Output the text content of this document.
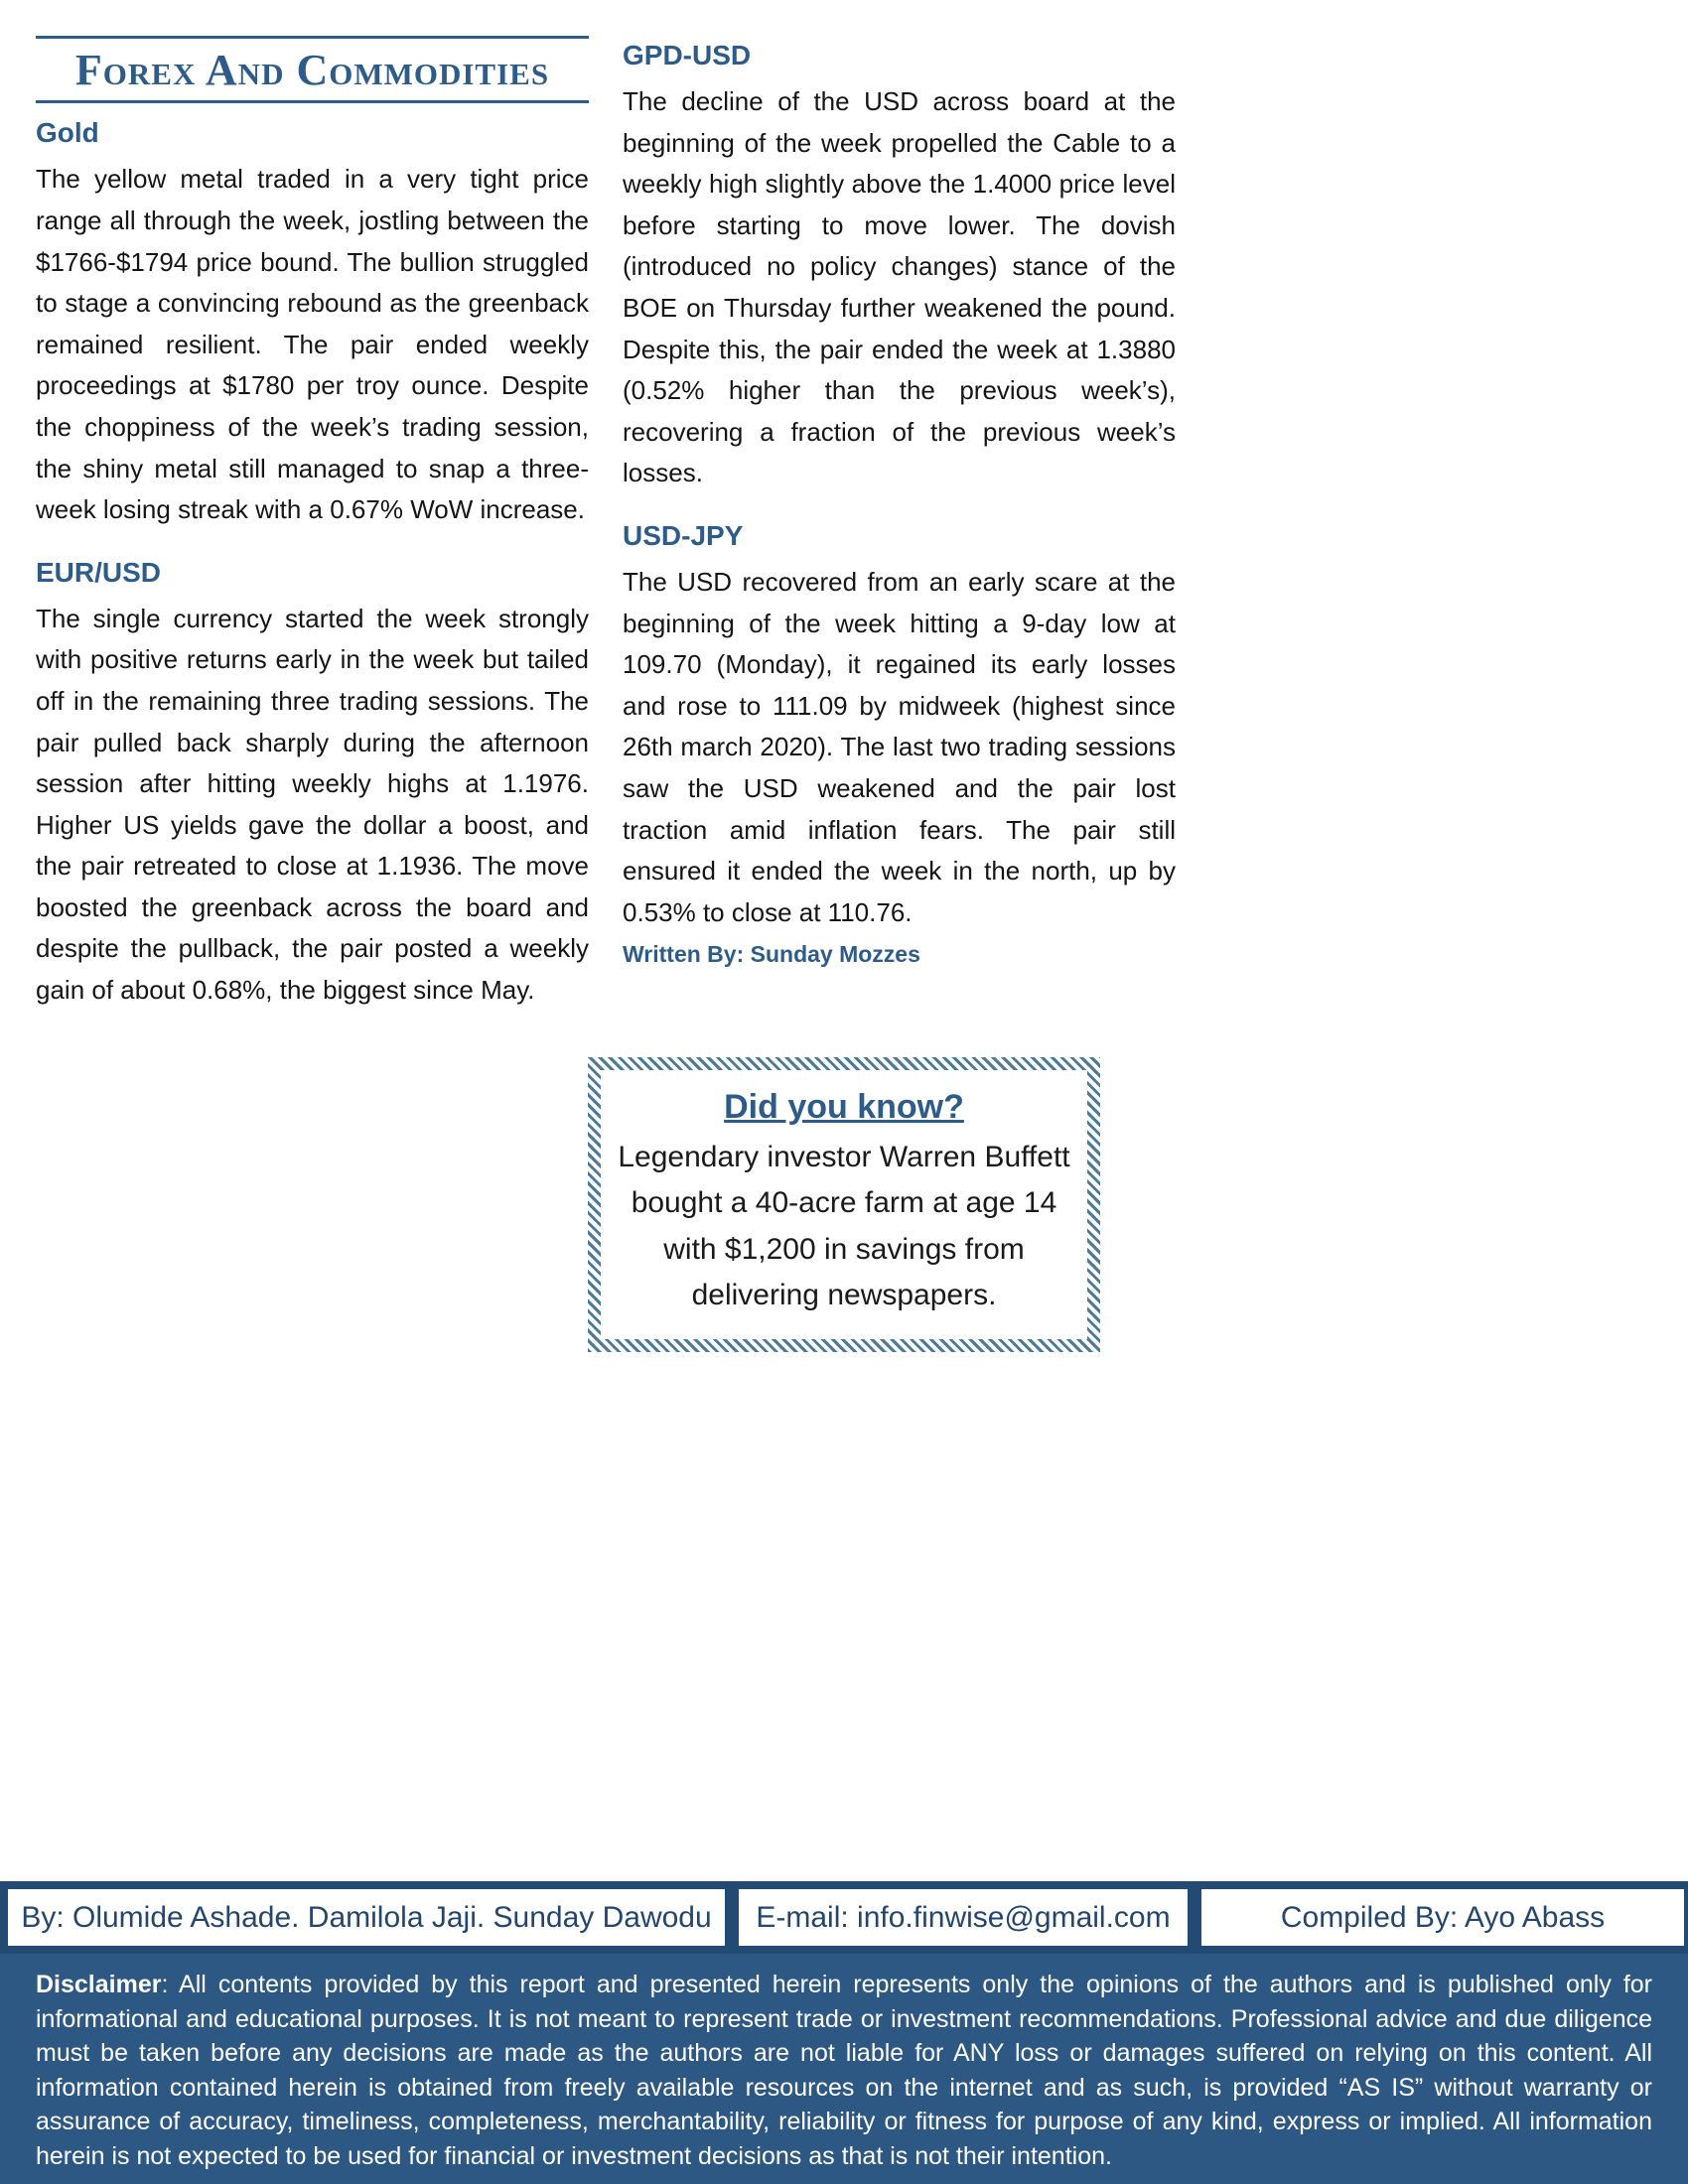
Forex And Commodities
Gold

The yellow metal traded in a very tight price range all through the week, jostling between the $1766-$1794 price bound. The bullion struggled to stage a convincing rebound as the greenback remained resilient. The pair ended weekly proceedings at $1780 per troy ounce. Despite the choppiness of the week’s trading session, the shiny metal still managed to snap a three-week losing streak with a 0.67% WoW increase.

EUR/USD

The single currency started the week strongly with positive returns early in the week but tailed off in the remaining three trading sessions. The pair pulled back sharply during the afternoon session after hitting weekly highs at 1.1976. Higher US yields gave the dollar a boost, and the pair retreated to close at 1.1936. The move boosted the greenback across the board and despite the pullback, the pair posted a weekly gain of about 0.68%, the biggest since May.

GPD-USD

The decline of the USD across board at the beginning of the week propelled the Cable to a weekly high slightly above the 1.4000 price level before starting to move lower. The dovish (introduced no policy changes) stance of the BOE on Thursday further weakened the pound. Despite this, the pair ended the week at 1.3880 (0.52% higher than the previous week’s), recovering a fraction of the previous week’s losses.

USD-JPY

The USD recovered from an early scare at the beginning of the week hitting a 9-day low at 109.70 (Monday), it regained its early losses and rose to 111.09 by midweek (highest since 26th march 2020). The last two trading sessions saw the USD weakened and the pair lost traction amid inflation fears. The pair still ensured it ended the week in the north, up by 0.53% to close at 110.76.

Written By: Sunday Mozzes

Did you know?

Legendary investor Warren Buffett bought a 40-acre farm at age 14 with $1,200 in savings from delivering newspapers.

By: Olumide Ashade. Damilola Jaji. Sunday Dawodu	E-mail: info.finwise@gmail.com	Compiled By: Ayo Abass

Disclaimer: All contents provided by this report and presented herein represents only the opinions of the authors and is published only for informational and educational purposes. It is not meant to represent trade or investment recommendations. Professional advice and due diligence must be taken before any decisions are made as the authors are not liable for ANY loss or damages suffered on relying on this content. All information contained herein is obtained from freely available resources on the internet and as such, is provided “AS IS” without warranty or assurance of accuracy, timeliness, completeness, merchantability, reliability or fitness for purpose of any kind, express or implied. All information herein is not expected to be used for financial or investment decisions as that is not their intention.
